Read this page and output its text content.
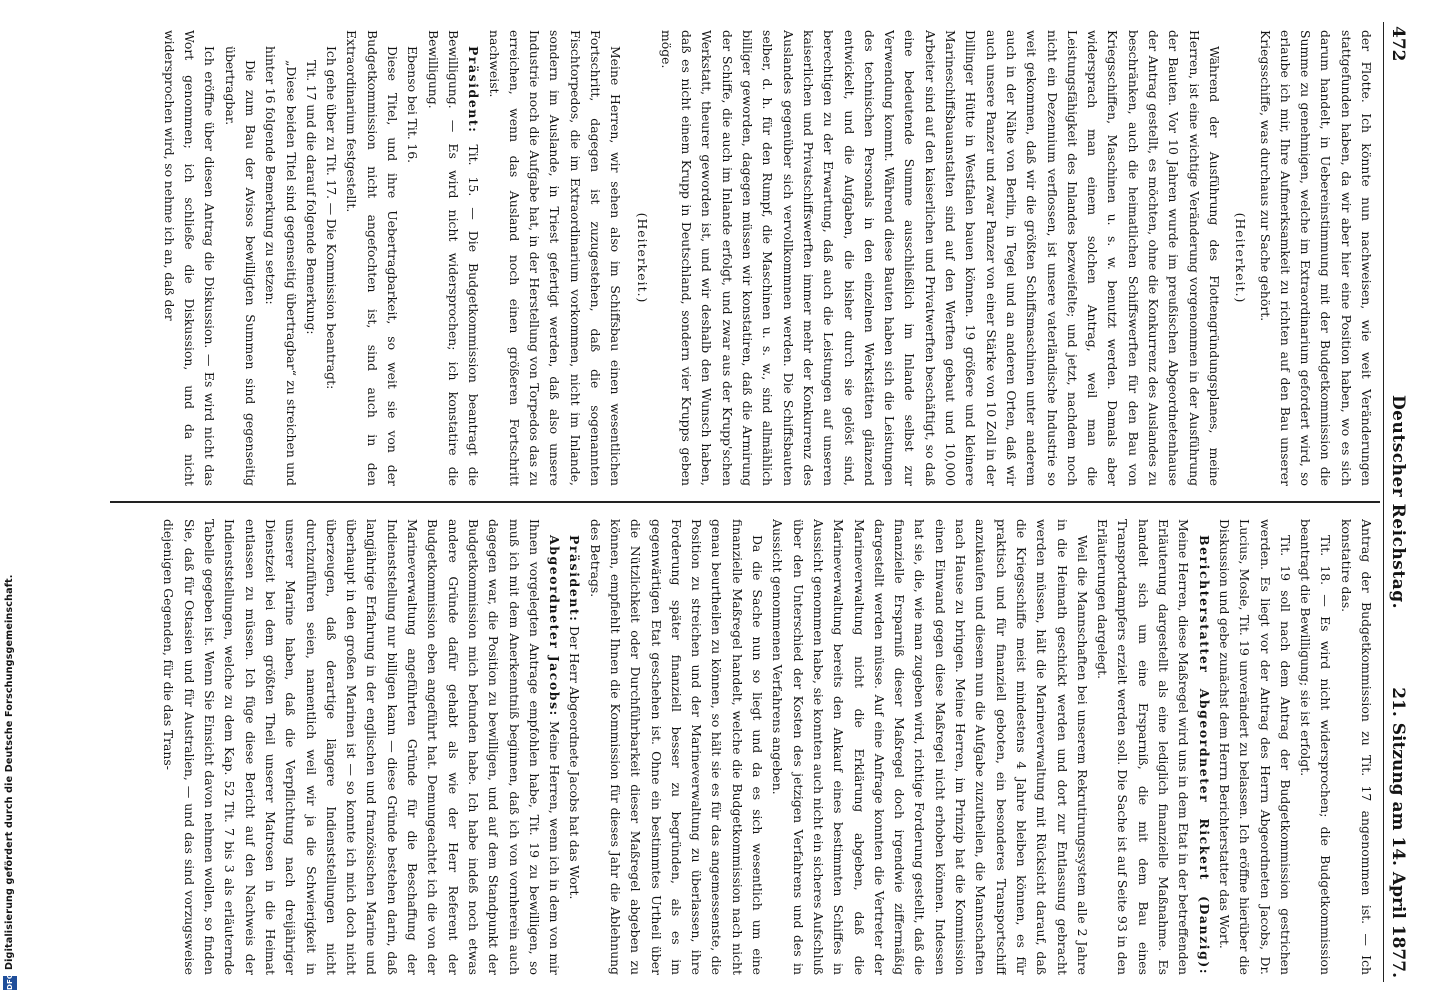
DFG
Digitalisierung gefördert durch die Deutsche Forschungsgemeinschaft.
472
Deutscher Reichstag.
21. Sitzung am 14. April 1877.

der Flotte. Ich könnte nun nachweisen, wie weit Veränderungen stattgefunden haben, da wir aber hier eine Position haben, wo es sich darum handelt, in Uebereinstimmung mit der Budgetkommission die Summe zu genehmigen, welche im Extraordinarium gefordert wird, so erlaube ich mir, Ihre Aufmerksamkeit zu richten auf den Bau unserer Kriegsschiffe, was durchaus zur Sache gehört.

(Heiterkeit.)

Während der Ausführung des Flottengründungsplanes, meine Herren, ist eine wichtige Veränderung vorgenommen in der Ausführung der Bauten. Vor 10 Jahren wurde im preußischen Abgeordnetenhause der Antrag gestellt, es möchten, ohne die Konkurrenz des Auslandes zu beschränken, auch die heimatlichen Schiffswerften für den Bau von Kriegsschiffen, Maschinen u. s. w. benutzt werden. Damals aber widersprach man einem solchen Antrag, weil man die Leistungsfähigkeit des Inlandes bezweifelte; und jetzt, nachdem noch nicht ein Dezennium verflossen, ist unsere vaterländische Industrie so weit gekommen, daß wir die größten Schiffsmaschinen unter anderem auch in der Nähe von Berlin, in Tegel und an anderen Orten, daß wir auch unsere Panzer und zwar Panzer von einer Stärke von 10 Zoll in der Dillinger Hütte in Westfalen bauen können. 19 größere und kleinere Marineschiffsbauanstalten sind auf den Werften gebaut und 10,000 Arbeiter sind auf den kaiserlichen und Privatwerften beschäftigt, so daß eine bedeutende Summe ausschließlich im Inlande selbst zur Verwendung kommt. Während diese Bauten haben sich die Leistungen des technischen Personals in den einzelnen Werkstätten glänzend entwickelt, und die Aufgaben, die bisher durch sie gelöst sind, berechtigen zu der Erwartung, daß auch die Leistungen auf unseren kaiserlichen und Privatschiffswerften immer mehr der Konkurrenz des Auslandes gegenüber sich vervollkommnen werden. Die Schiffsbauten selber, d. h. für den Rumpf, die Maschinen u. s. w., sind allmählich billiger geworden, dagegen müssen wir konstatiren, daß die Armirung der Schiffe, die auch im Inlande erfolgt, und zwar aus der Krupp'schen Werkstatt, theurer geworden ist, und wir deshalb den Wunsch haben, daß es nicht einem Krupp in Deutschland, sondern vier Krupps geben möge.

(Heiterkeit.)

Meine Herren, wir sehen also im Schiffsbau einen wesentlichen Fortschritt, dagegen ist zuzugestehen, daß die sogenannten Fischtorpedos, die im Extraordinarium vorkommen, nicht im Inlande, sondern im Auslande, in Triest gefertigt werden, daß also unsere Industrie noch die Aufgabe hat, in der Herstellung von Torpedos das zu erreichen, wenn das Ausland noch einen größeren Fortschritt nachweist.

Präsident: Tit. 15. — Die Budgetkommission beantragt die Bewilligung. — Es wird nicht widersprochen; ich konstatire die Bewilligung.

Ebenso bei Tit. 16.

Diese Titel, und ihre Uebertragbarkeit, so weit sie von der Budgetkommission nicht angefochten ist, sind auch in den Extraordinarium festgestellt.

Ich gehe über zu Tit. 17. — Die Kommission beantragt:

Tit. 17 und die darauf folgende Bemerkung:

„Diese beiden Titel sind gegenseitig übertragbar“ zu streichen und hinter 16 folgende Bemerkung zu setzen:

Die zum Bau der Avisos bewilligten Summen sind gegenseitig übertragbar.

Ich eröffne über diesen Antrag die Diskussion. — Es wird nicht das Wort genommen; ich schließe die Diskussion, und da nicht widersprochen wird, so nehme ich an, daß der

Antrag der Budgetkommission zu Tit. 17 angenommen ist. — Ich konstatire das.

Tit. 18. — Es wird nicht widersprochen; die Budgetkommission beantragt die Bewilligung; sie ist erfolgt.

Tit. 19 soll nach dem Antrag der Budgetkommission gestrichen werden. Es liegt vor der Antrag des Herrn Abgeordneten Jacobs, Dr. Lucius, Mosle, Tit. 19 unverändert zu belassen. Ich eröffne hierüber die Diskussion und gebe zunächst dem Herrn Berichterstatter das Wort.

Berichterstatter Abgeordneter Rickert (Danzig): Meine Herren, diese Maßregel wird uns in dem Etat in der betreffenden Erläuterung dargestellt als eine lediglich finanzielle Maßnahme. Es handelt sich um eine Ersparniß, die mit dem Bau eines Transportdampfers erzielt werden soll. Die Sache ist auf Seite 93 in den Erläuterungen dargelegt.

Weil die Mannschaften bei unserem Rekrutirungssystem alle 2 Jahre in die Heimath geschickt werden und dort zur Entlassung gebracht werden müssen, hält die Marineverwaltung mit Rücksicht darauf, daß die Kriegsschiffe meist mindestens 4 Jahre bleiben können, es für praktisch und für finanziell geboten, ein besonderes Transportschiff anzukaufen und diesem nun die Aufgabe zuzutheilen, die Mannschaften nach Hause zu bringen. Meine Herren, im Prinzip hat die Kommission einen Einwand gegen diese Maßregel nicht erhoben können. Indessen hat sie, die, wie man zugeben wird, richtige Forderung gestellt, daß die finanzielle Ersparniß dieser Maßregel doch irgendwie ziffermäßig dargestellt werden müsse. Auf eine Anfrage konnten die Vertreter der Marineverwaltung nicht die Erklärung abgeben, daß die Marineverwaltung bereits den Ankauf eines bestimmten Schiffes in Aussicht genommen habe, sie konnten auch nicht ein sicheres Aufschluß über den Unterschied der Kosten des jetzigen Verfahrens und des in Aussicht genommenen Verfahrens angeben.

Da die Sache nun so liegt und da es sich wesentlich um eine finanzielle Maßregel handelt, welche die Budgetkommission nach nicht genau beurtheilen zu können, so hält sie es für das angemessenste, die Position zu streichen und der Marineverwaltung zu überlassen, ihre Forderung später finanziell besser zu begründen, als es im gegenwärtigen Etat geschehen ist. Ohne ein bestimmtes Urtheil über die Nützlichkeit oder Durchführbarkeit dieser Maßregel abgeben zu können, empfiehlt Ihnen die Kommission für dieses Jahr die Ablehnung des Betrags.

Präsident: Der Herr Abgeordnete Jacobs hat das Wort.

Abgeordneter Jacobs: Meine Herren, wenn ich in dem von mir Ihnen vorgelegten Antrage empfohlen habe, Tit. 19 zu bewilligen, so muß ich mit dem Anerkenntniß beginnen, daß ich von vornherein auch dagegen war, die Position zu bewilligen, und auf dem Standpunkt der Budgetkommission mich befunden habe. Ich habe indeß noch etwas andere Gründe dafür gehabt als wie der Herr Referent der Budgetkommission eben angeführt hat. Demungeachtet ich die von der Marineverwaltung angeführten Gründe für die Beschaffung der Indienststellung nur billigen kann — diese Gründe bestehen darin, daß langjährige Erfahrung in der englischen und französischen Marine und überhaupt in den großen Marinen ist — so konnte ich mich doch nicht überzeugen, daß derartige längere Indienststellungen nicht durchzuführen seien, namentlich weil wir ja die Schwierigkeit in unserer Marine haben, daß die Verpflichtung nach dreijähriger Dienstzeit bei dem größten Theil unserer Matrosen in die Heimat entlassen zu müssen. Ich füge diese Bericht auf den Nachweis der Indienststellungen, welche zu dem Kap. 52 Tit. 7 bis 3 als erläuternde Tabelle gegeben ist. Wenn Sie Einsicht davon nehmen wollen, so finden Sie, daß für Ostasien und für Australien, — und das sind vorzugsweise diejenigen Gegenden, für die das Trans-
